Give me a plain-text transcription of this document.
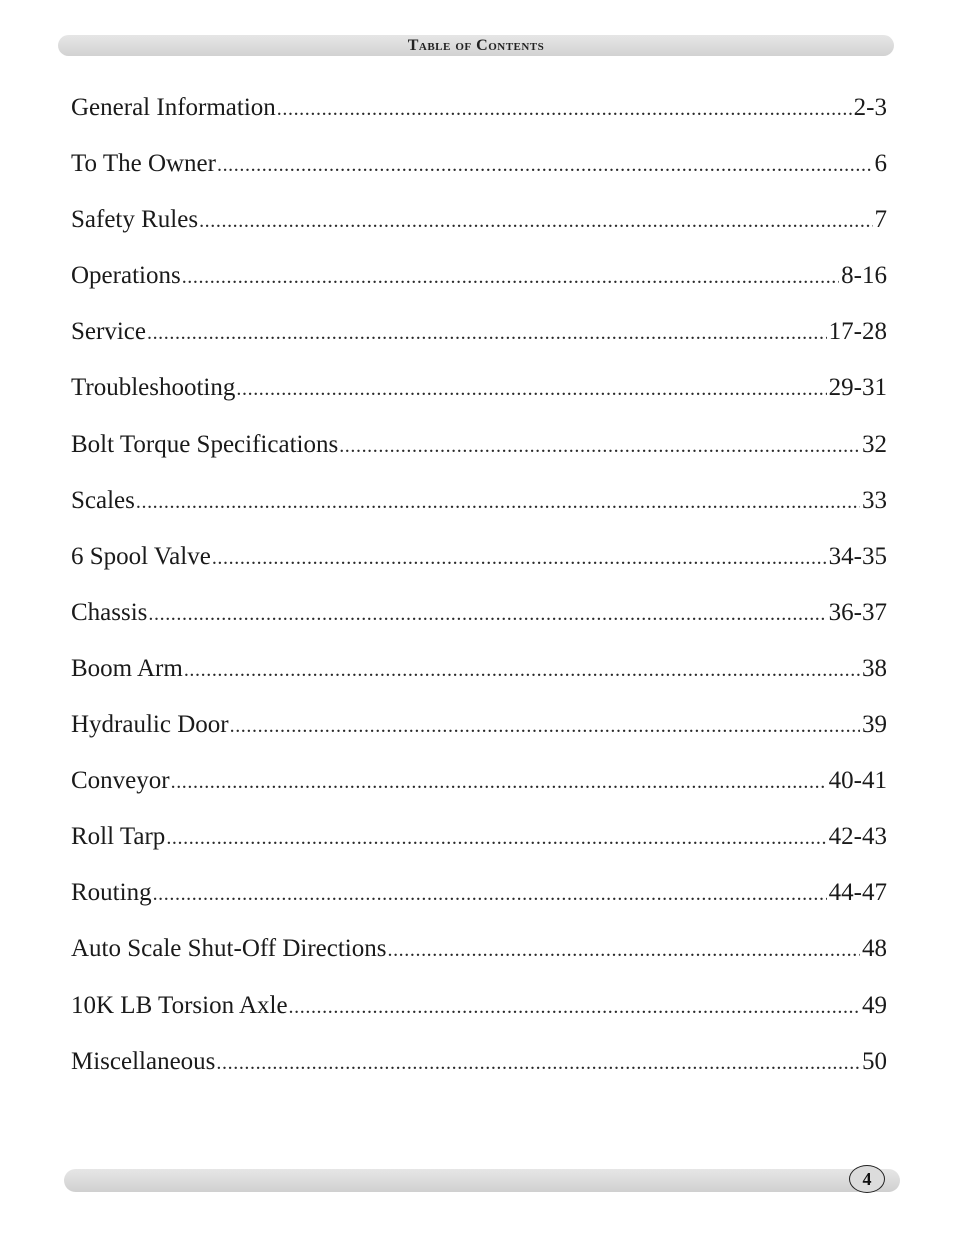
Table of Contents
General Information .....	2-3
To The Owner .....	6
Safety Rules .....	7
Operations .....	8-16
Service .....	17-28
Troubleshooting .....	29-31
Bolt Torque Specifications .....	32
Scales .....	33
6 Spool Valve .....	34-35
Chassis .....	36-37
Boom Arm .....	38
Hydraulic Door .....	39
Conveyor .....	40-41
Roll Tarp .....	42-43
Routing .....	44-47
Auto Scale Shut-Off Directions .....	48
10K LB Torsion Axle .....	49
Miscellaneous .....	50
4
